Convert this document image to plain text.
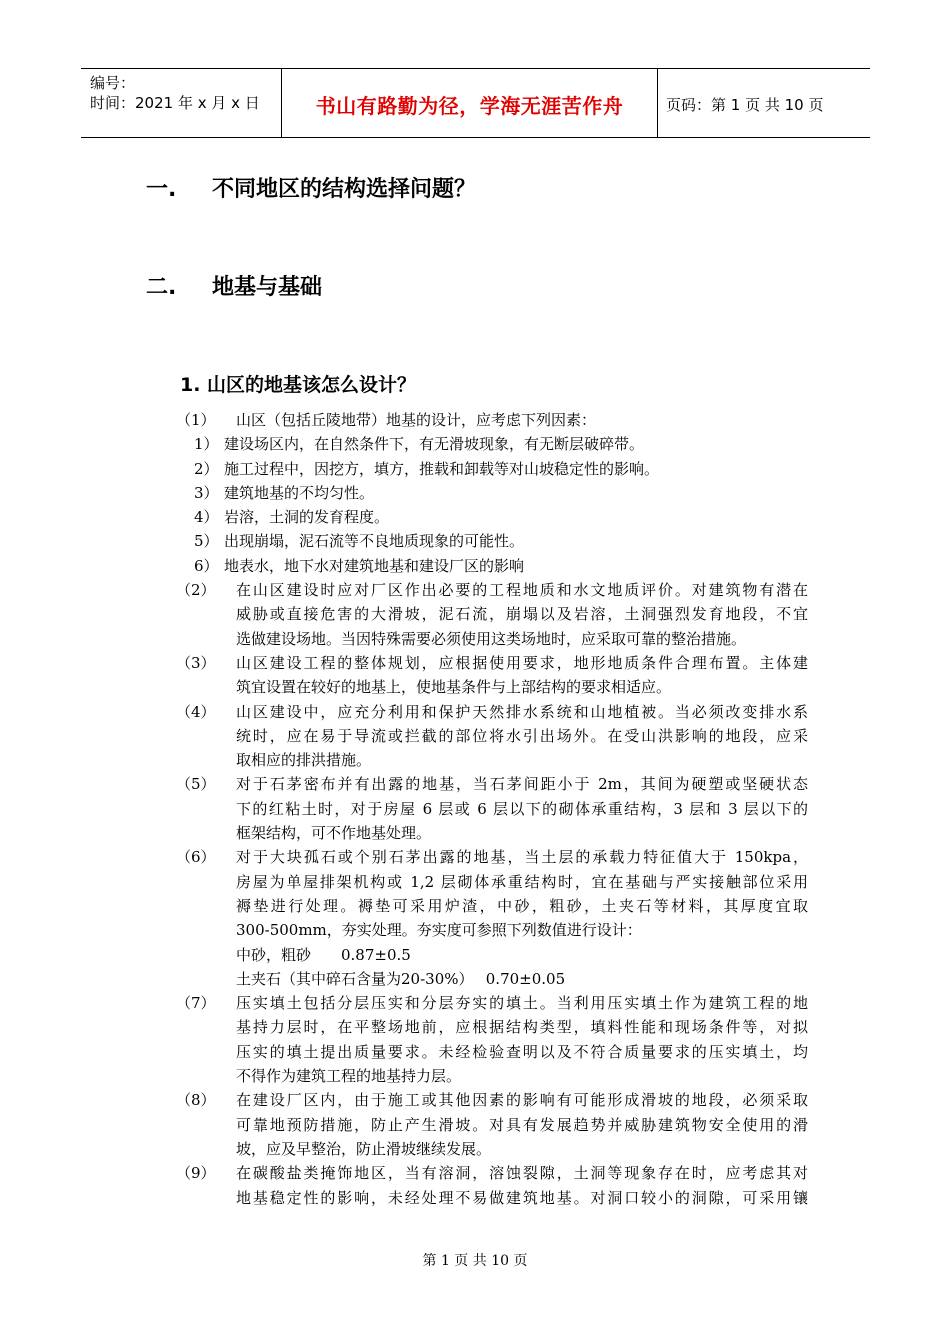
编号：
时间：2021 年 x 月 x 日	书山有路勤为径，学海无涯苦作舟	页码：第 1 页 共 10 页
一. 不同地区的结构选择问题？
二. 地基与基础
1. 山区的地基该怎么设计？
（1） 山区（包括丘陵地带）地基的设计，应考虑下列因素：
1） 建设场区内，在自然条件下，有无滑坡现象，有无断层破碎带。
2） 施工过程中，因挖方，填方，推载和卸载等对山坡稳定性的影响。
3） 建筑地基的不均匀性。
4） 岩溶，土洞的发育程度。
5） 出现崩塌，泥石流等不良地质现象的可能性。
6） 地表水，地下水对建筑地基和建设厂区的影响
（2） 在山区建设时应对厂区作出必要的工程地质和水文地质评价。对建筑物有潜在
威胁或直接危害的大滑坡，泥石流，崩塌以及岩溶，土洞强烈发育地段，不宜
选做建设场地。当因特殊需要必须使用这类场地时，应采取可靠的整治措施。
（3） 山区建设工程的整体规划，应根据使用要求，地形地质条件合理布置。主体建
筑宜设置在较好的地基上，使地基条件与上部结构的要求相适应。
（4） 山区建设中，应充分利用和保护天然排水系统和山地植被。当必须改变排水系
统时，应在易于导流或拦截的部位将水引出场外。在受山洪影响的地段，应采
取相应的排洪措施。
（5） 对于石茅密布并有出露的地基，当石茅间距小于 2m，其间为硬塑或坚硬状态
下的红粘土时，对于房屋 6 层或 6 层以下的砌体承重结构，3 层和 3 层以下的
框架结构，可不作地基处理。
（6） 对于大块孤石或个别石茅出露的地基，当土层的承载力特征值大于 150kpa，
房屋为单屋排架机构或 1,2 层砌体承重结构时，宜在基础与严实接触部位采用
褥垫进行处理。褥垫可采用炉渣，中砂，粗砂，土夹石等材料，其厚度宜取
300-500mm，夯实处理。夯实度可参照下列数值进行设计：
中砂，粗砂　　0.87±0.5
土夹石（其中碎石含量为20-30%）　 0.70±0.05
（7） 压实填土包括分层压实和分层夯实的填土。当利用压实填土作为建筑工程的地
基持力层时，在平整场地前，应根据结构类型，填料性能和现场条件等，对拟
压实的填土提出质量要求。未经检验查明以及不符合质量要求的压实填土，均
不得作为建筑工程的地基持力层。
（8） 在建设厂区内，由于施工或其他因素的影响有可能形成滑坡的地段，必须采取
可靠地预防措施，防止产生滑坡。对具有发展趋势并威胁建筑物安全使用的滑
坡，应及早整治，防止滑坡继续发展。
（9） 在碳酸盐类掩饰地区，当有溶洞，溶蚀裂隙，土洞等现象存在时，应考虑其对
地基稳定性的影响，未经处理不易做建筑地基。对洞口较小的洞隙，可采用镶
第 1 页 共 10 页
